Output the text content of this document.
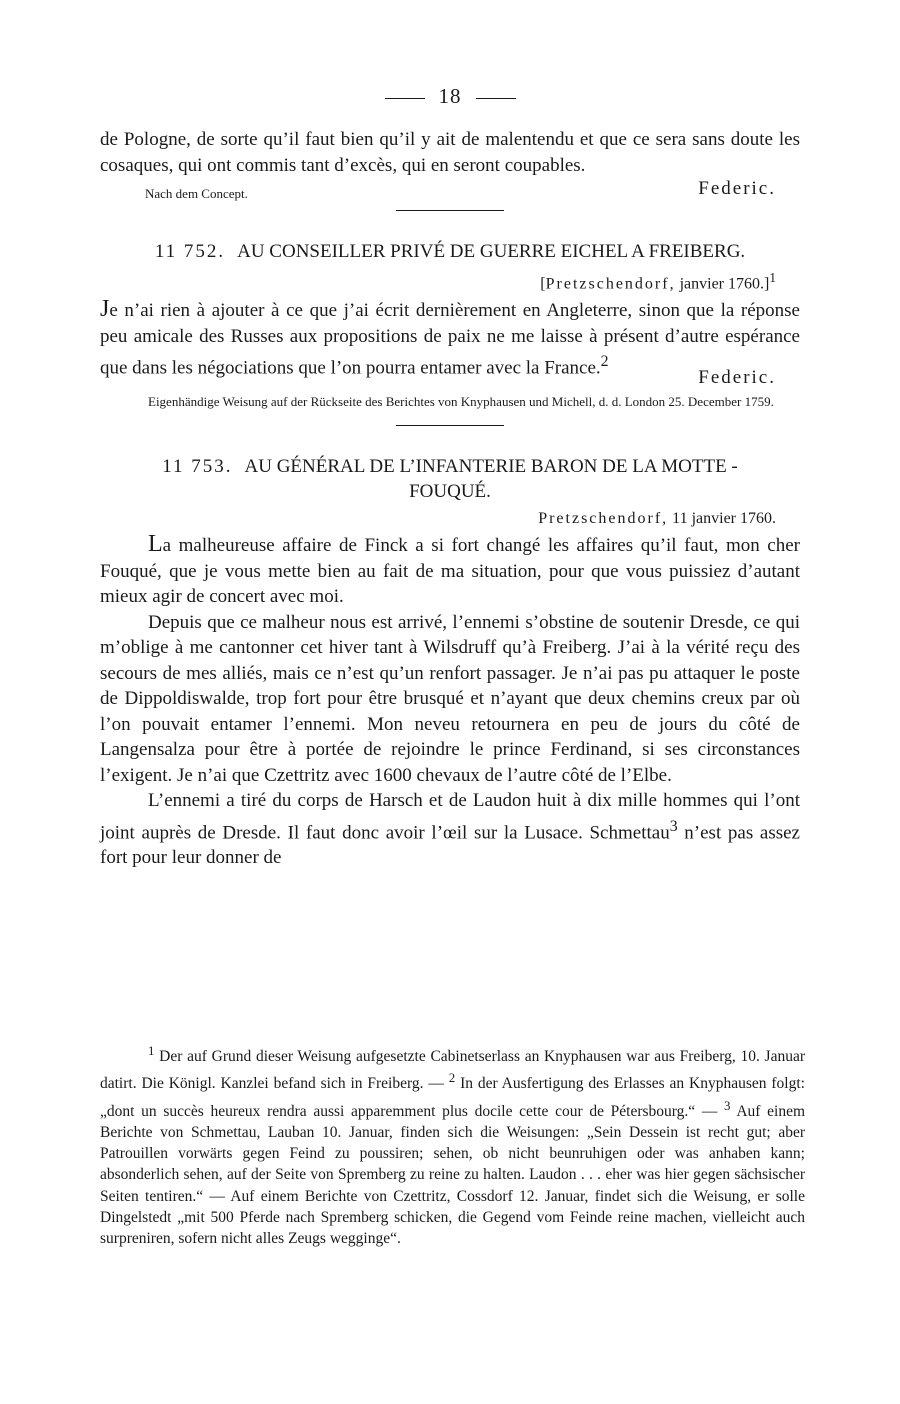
18

de Pologne, de sorte qu’il faut bien qu’il y ait de malentendu et que ce sera sans doute les cosaques, qui ont commis tant d’excès, qui en seront coupables.

Nach dem Concept.	Federic.
11 752. AU CONSEILLER PRIVÉ DE GUERRE EICHEL A FREIBERG.
[Pretzschendorf, janvier 1760.]$^1$

Je n’ai rien à ajouter à ce que j’ai écrit dernièrement en Angleterre, sinon que la réponse peu amicale des Russes aux propositions de paix ne me laisse à présent d’autre espérance que dans les négociations que l’on pourra entamer avec la France.$^2$

Federic.

Eigenhändige Weisung auf der Rückseite des Berichtes von Knyphausen und Michell, d. d. London 25. December 1759.

11 753. AU GÉNÉRAL DE L’INFANTERIE BARON DE LA MOTTE - FOUQUÉ.
Pretzschendorf, 11 janvier 1760.

La malheureuse affaire de Finck a si fort changé les affaires qu’il faut, mon cher Fouqué, que je vous mette bien au fait de ma situation, pour que vous puissiez d’autant mieux agir de concert avec moi.

Depuis que ce malheur nous est arrivé, l’ennemi s’obstine de soutenir Dresde, ce qui m’oblige à me cantonner cet hiver tant à Wilsdruff qu’à Freiberg. J’ai à la vérité reçu des secours de mes alliés, mais ce n’est qu’un renfort passager. Je n’ai pas pu attaquer le poste de Dippoldiswalde, trop fort pour être brusqué et n’ayant que deux chemins creux par où l’on pouvait entamer l’ennemi. Mon neveu retournera en peu de jours du côté de Langensalza pour être à portée de rejoindre le prince Ferdinand, si ses circonstances l’exigent. Je n’ai que Czettritz avec 1600 chevaux de l’autre côté de l’Elbe.

L’ennemi a tiré du corps de Harsch et de Laudon huit à dix mille hommes qui l’ont joint auprès de Dresde. Il faut donc avoir l’œil sur la Lusace. Schmettau$^3$ n’est pas assez fort pour leur donner de

$^1$ Der auf Grund dieser Weisung aufgesetzte Cabinetserlass an Knyphausen war aus Freiberg, 10. Januar datirt. Die Königl. Kanzlei befand sich in Freiberg. — $^2$ In der Ausfertigung des Erlasses an Knyphausen folgt: „dont un succès heureux rendra aussi apparemment plus docile cette cour de Pétersbourg.“ — $^3$ Auf einem Berichte von Schmettau, Lauban 10. Januar, finden sich die Weisungen: „Sein Dessein ist recht gut; aber Patrouillen vorwärts gegen Feind zu poussiren; sehen, ob nicht beunruhigen oder was anhaben kann; absonderlich sehen, auf der Seite von Spremberg zu reine zu halten. Laudon . . . eher was hier gegen sächsischer Seiten tentiren.“ — Auf einem Berichte von Czettritz, Cossdorf 12. Januar, findet sich die Weisung, er solle Dingelstedt „mit 500 Pferde nach Spremberg schicken, die Gegend vom Feinde reine machen, vielleicht auch surpreniren, sofern nicht alles Zeugs wegginge“.
